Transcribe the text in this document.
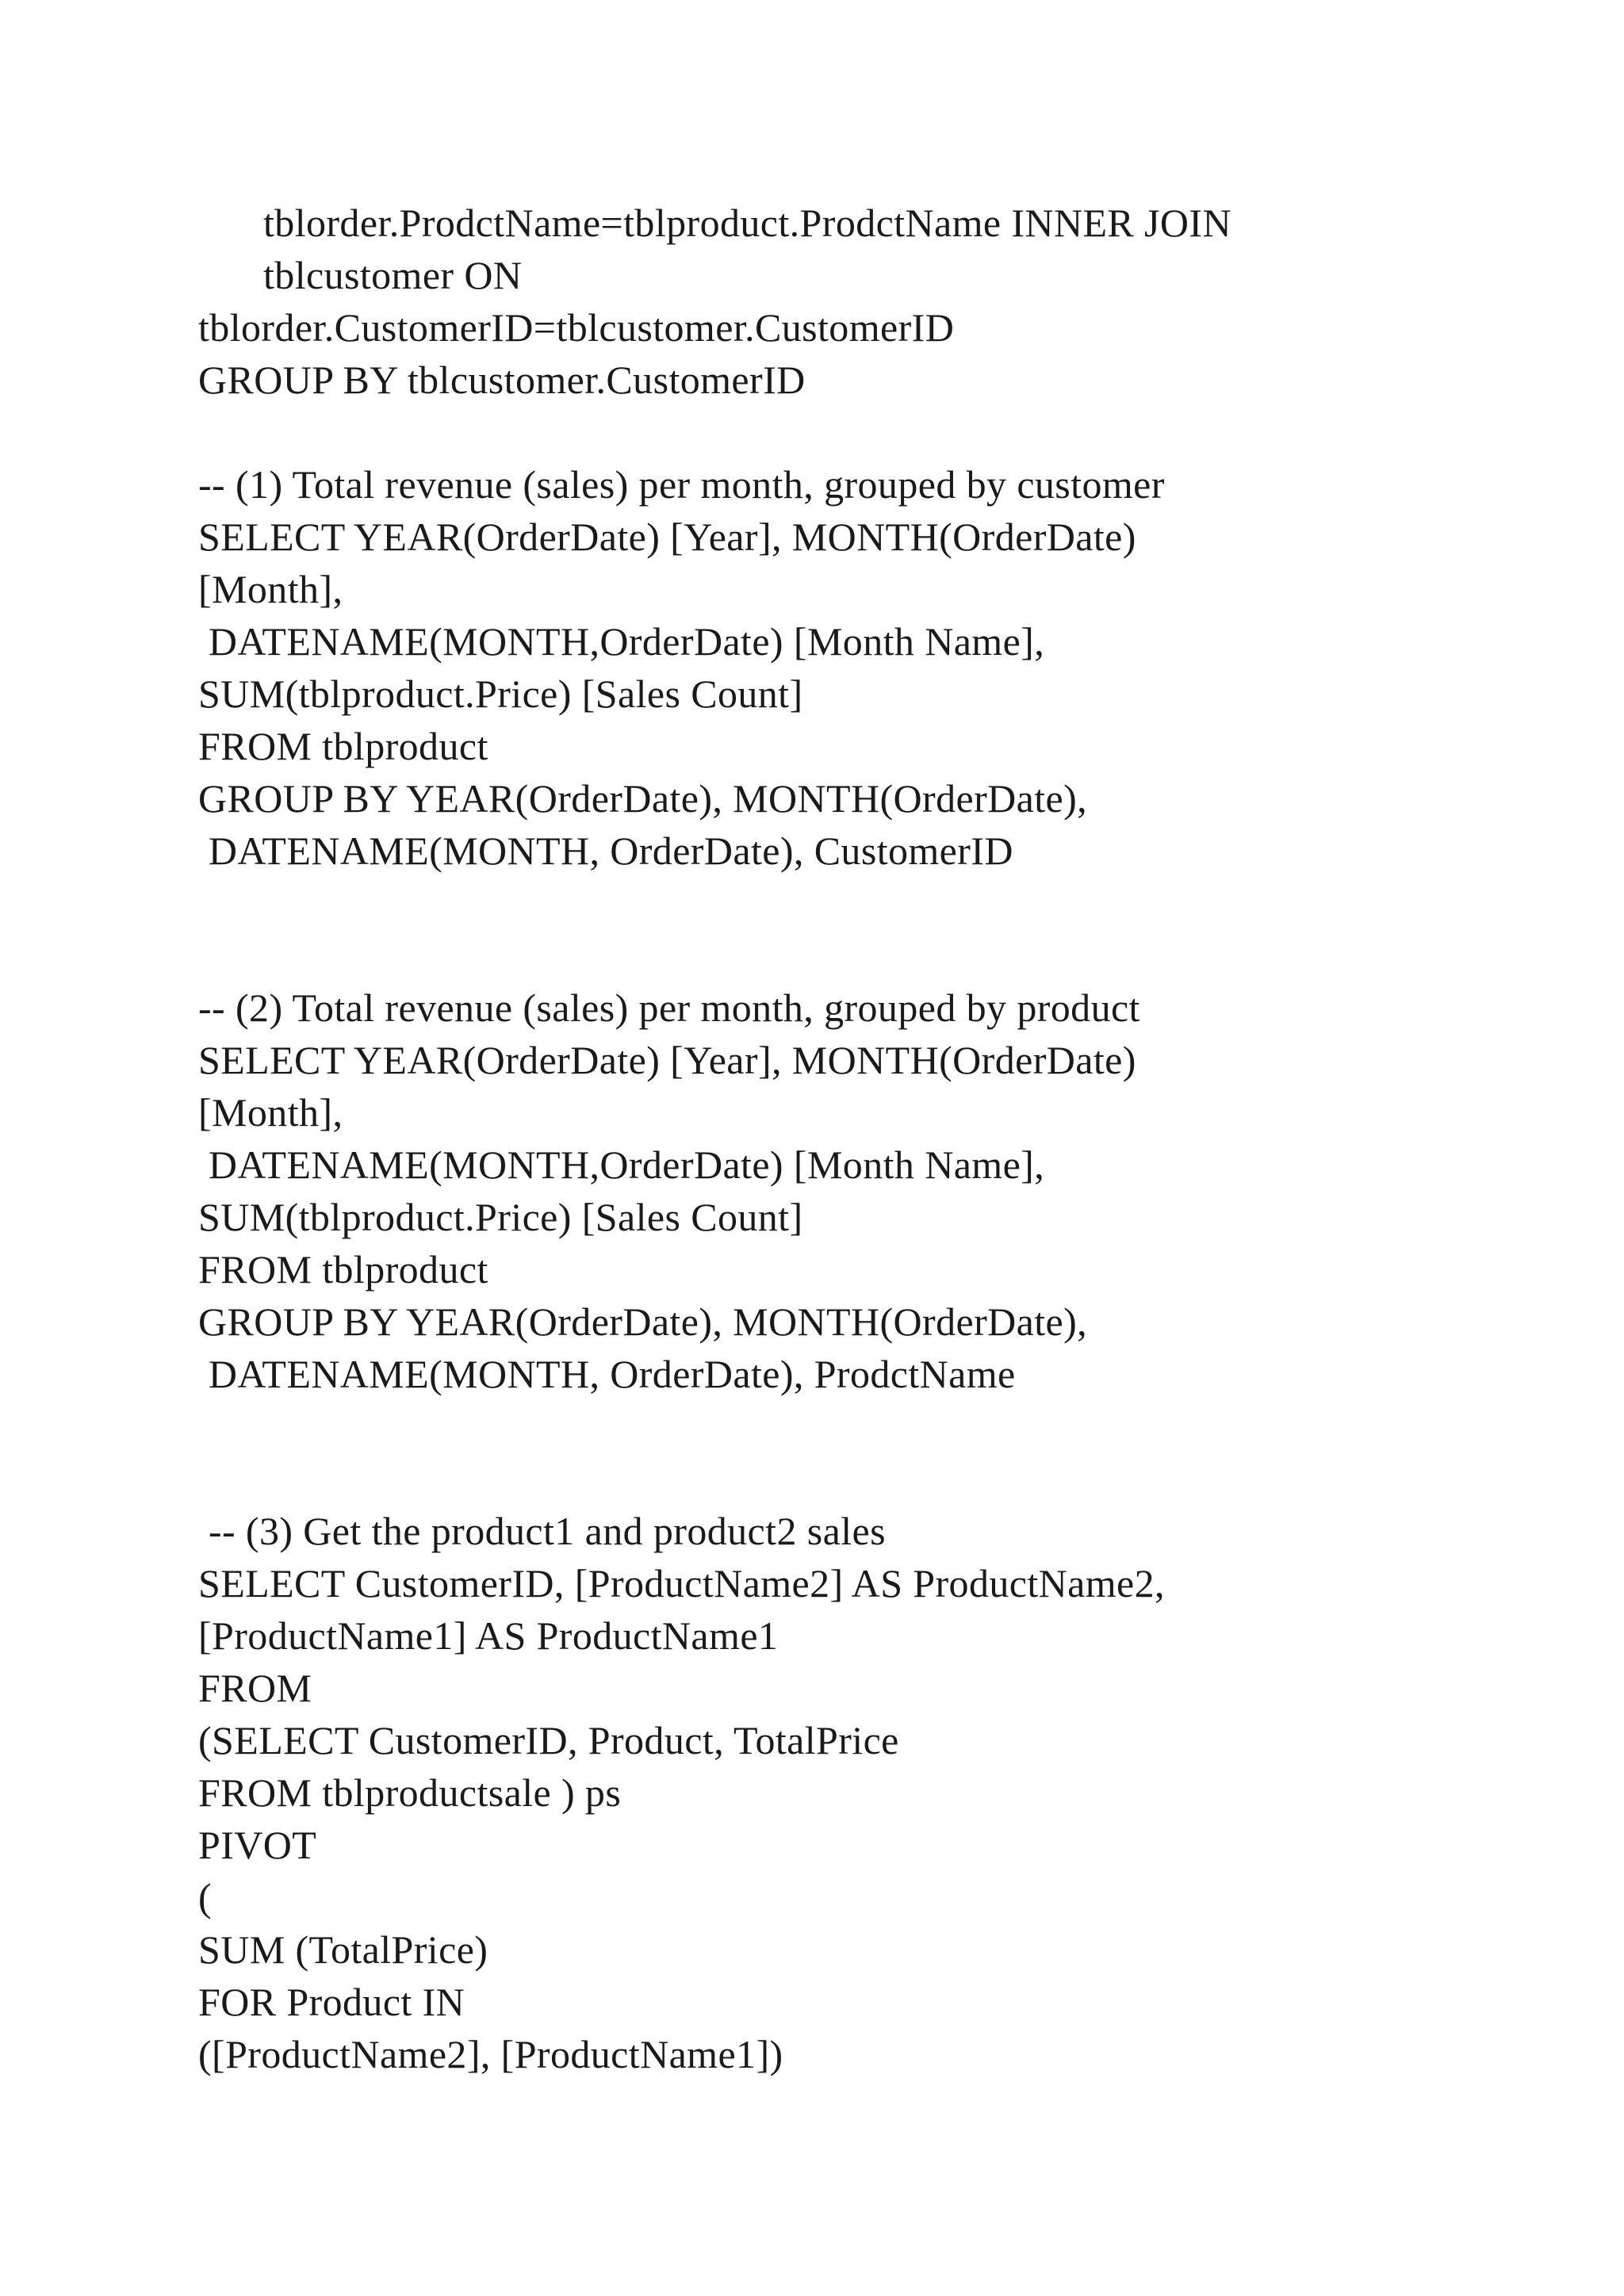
tblorder.ProdctName=tblproduct.ProdctName INNER JOIN
tblcustomer ON
tblorder.CustomerID=tblcustomer.CustomerID
GROUP BY tblcustomer.CustomerID
-- (1) Total revenue (sales) per month, grouped by customer
SELECT YEAR(OrderDate) [Year], MONTH(OrderDate)
[Month],
DATENAME(MONTH,OrderDate) [Month Name],
SUM(tblproduct.Price) [Sales Count]
FROM tblproduct
GROUP BY YEAR(OrderDate), MONTH(OrderDate),
DATENAME(MONTH, OrderDate), CustomerID
-- (2) Total revenue (sales) per month, grouped by product
SELECT YEAR(OrderDate) [Year], MONTH(OrderDate)
[Month],
DATENAME(MONTH,OrderDate) [Month Name],
SUM(tblproduct.Price) [Sales Count]
FROM tblproduct
GROUP BY YEAR(OrderDate), MONTH(OrderDate),
DATENAME(MONTH, OrderDate), ProdctName
-- (3) Get the product1 and product2 sales
SELECT CustomerID, [ProductName2] AS ProductName2,
[ProductName1] AS ProductName1
FROM
(SELECT CustomerID, Product, TotalPrice
FROM tblproductsale ) ps
PIVOT
(
SUM (TotalPrice)
FOR Product IN
([ProductName2], [ProductName1])
